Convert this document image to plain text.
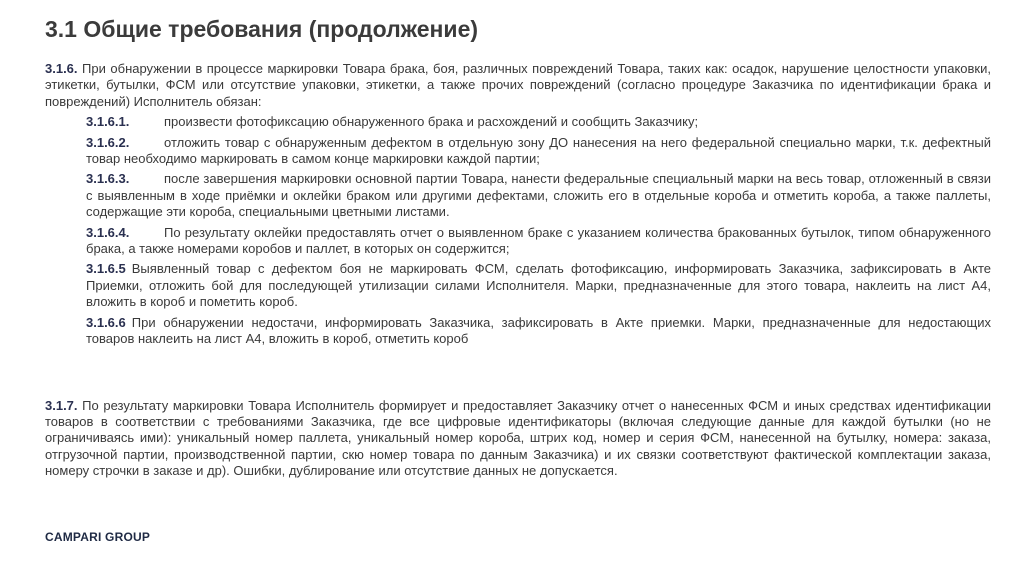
3.1 Общие требования (продолжение)

3.1.6. При обнаружении в процессе маркировки Товара брака, боя, различных повреждений Товара, таких как: осадок, нарушение целостности упаковки, этикетки, бутылки, ФСМ или отсутствие упаковки, этикетки, а также прочих повреждений (согласно процедуре Заказчика по идентификации брака и повреждений) Исполнитель обязан:

3.1.6.1.	произвести фотофиксацию обнаруженного брака и расхождений и сообщить Заказчику;

3.1.6.2.	отложить товар с обнаруженным дефектом в отдельную зону ДО нанесения на него федеральной специально марки, т.к. дефектный товар необходимо маркировать в самом конце маркировки каждой партии;

3.1.6.3.	после завершения маркировки основной партии Товара, нанести федеральные специальный марки на весь товар, отложенный в связи с выявленным в ходе приёмки и оклейки браком или другими дефектами, сложить его в отдельные короба и отметить короба, а также паллеты, содержащие эти короба, специальными цветными листами.

3.1.6.4.	По результату оклейки предоставлять отчет о выявленном браке с указанием количества бракованных бутылок, типом обнаруженного брака, а также номерами коробов и паллет, в которых он содержится;

3.1.6.5 Выявленный товар с дефектом боя не маркировать ФСМ, сделать фотофиксацию, информировать Заказчика, зафиксировать в Акте Приемки, отложить бой для последующей утилизации силами Исполнителя. Марки, предназначенные для этого товара, наклеить на лист А4, вложить в короб и пометить короб.

3.1.6.6 При обнаружении недостачи, информировать Заказчика, зафиксировать в Акте приемки. Марки, предназначенные для недостающих товаров наклеить на лист А4, вложить в короб, отметить короб

3.1.7. По результату маркировки Товара Исполнитель формирует и предоставляет Заказчику отчет о нанесенных ФСМ и иных средствах идентификации товаров в соответствии с требованиями Заказчика, где все цифровые идентификаторы (включая следующие данные для каждой бутылки (но не ограничиваясь ими): уникальный номер паллета, уникальный номер короба, штрих код, номер и серия ФСМ, нанесенной на бутылку, номера: заказа, отгрузочной партии, производственной партии, скю номер товара по данным Заказчика) и их связки соответствуют фактической комплектации заказа, номеру строчки в заказе и др). Ошибки, дублирование или отсутствие данных не допускается.

CAMPARI GROUP
